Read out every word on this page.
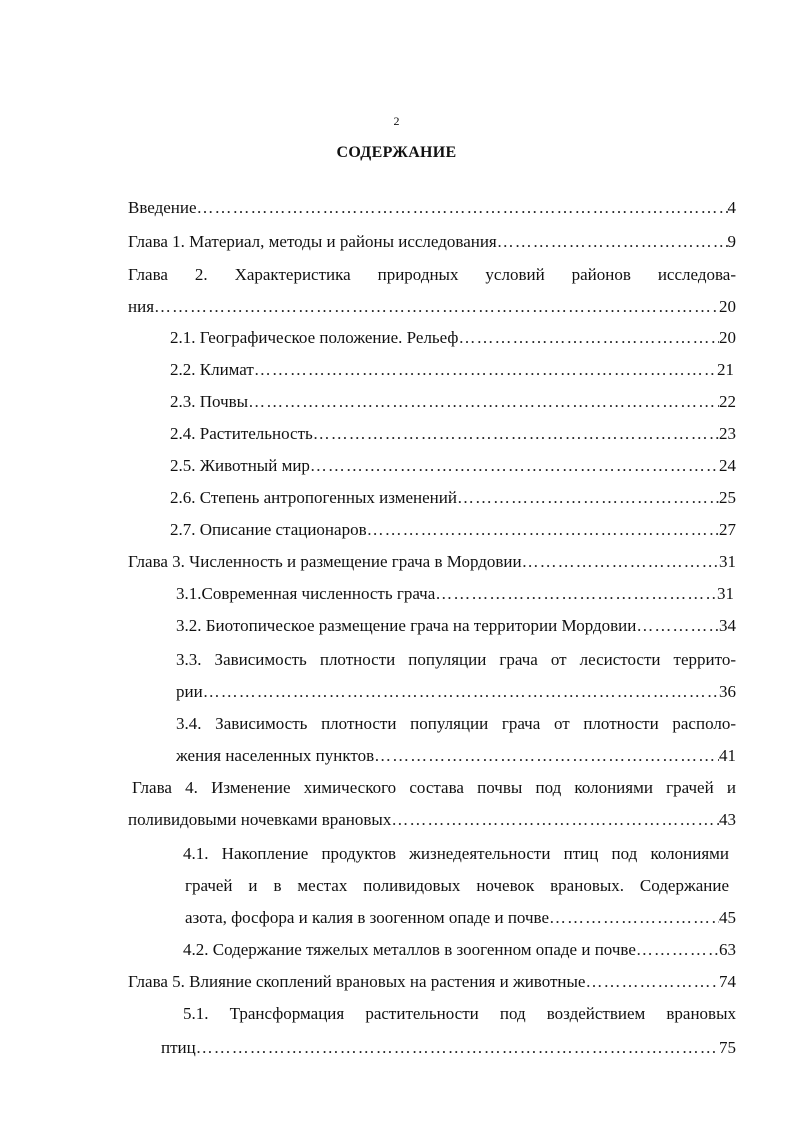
2
СОДЕРЖАНИЕ
Введение ……………………………………………………………………………………………………………………………………………………………………	4
Глава 1. Материал, методы и районы исследования ……………………………………………………………………………………………………………………………………………………………………	9
Глава 2. Характеристика природных условий районов исследова-
ния ……………………………………………………………………………………………………………………………………………………………………	20
2.1. Географическое положение. Рельеф ……………………………………………………………………………………………………………………………………………………………………	20
2.2. Климат ……………………………………………………………………………………………………………………………………………………………………	21
2.3. Почвы ……………………………………………………………………………………………………………………………………………………………………	22
2.4. Растительность ……………………………………………………………………………………………………………………………………………………………………	23
2.5. Животный мир ……………………………………………………………………………………………………………………………………………………………………	24
2.6. Степень антропогенных изменений ……………………………………………………………………………………………………………………………………………………………………	25
2.7. Описание стационаров ……………………………………………………………………………………………………………………………………………………………………	27
Глава 3. Численность и размещение грача в Мордовии ……………………………………………………………………………………………………………………………………………………………………	31
3.1.Современная численность грача ……………………………………………………………………………………………………………………………………………………………………	31
3.2. Биотопическое размещение грача на территории Мордовии ……………………………………………………………………………………………………………………………………………………………………	34
3.3. Зависимость плотности популяции грача от лесистости террито-
рии ……………………………………………………………………………………………………………………………………………………………………	36
3.4. Зависимость плотности популяции грача от плотности располо-
жения населенных пунктов ……………………………………………………………………………………………………………………………………………………………………	41
Глава 4. Изменение химического состава почвы под колониями грачей и
поливидовыми ночевками врановых ……………………………………………………………………………………………………………………………………………………………………	43
4.1. Накопление продуктов жизнедеятельности птиц под колониями
грачей и в местах поливидовых ночевок врановых. Содержание
азота, фосфора и калия в зоогенном опаде и почве ……………………………………………………………………………………………………………………………………………………………………	45
4.2. Содержание тяжелых металлов в зоогенном опаде и почве ……………………………………………………………………………………………………………………………………………………………………	63
Глава 5. Влияние скоплений врановых на растения и животные ……………………………………………………………………………………………………………………………………………………………………	74
5.1. Трансформация растительности под воздействием врановых
птиц ……………………………………………………………………………………………………………………………………………………………………	75
